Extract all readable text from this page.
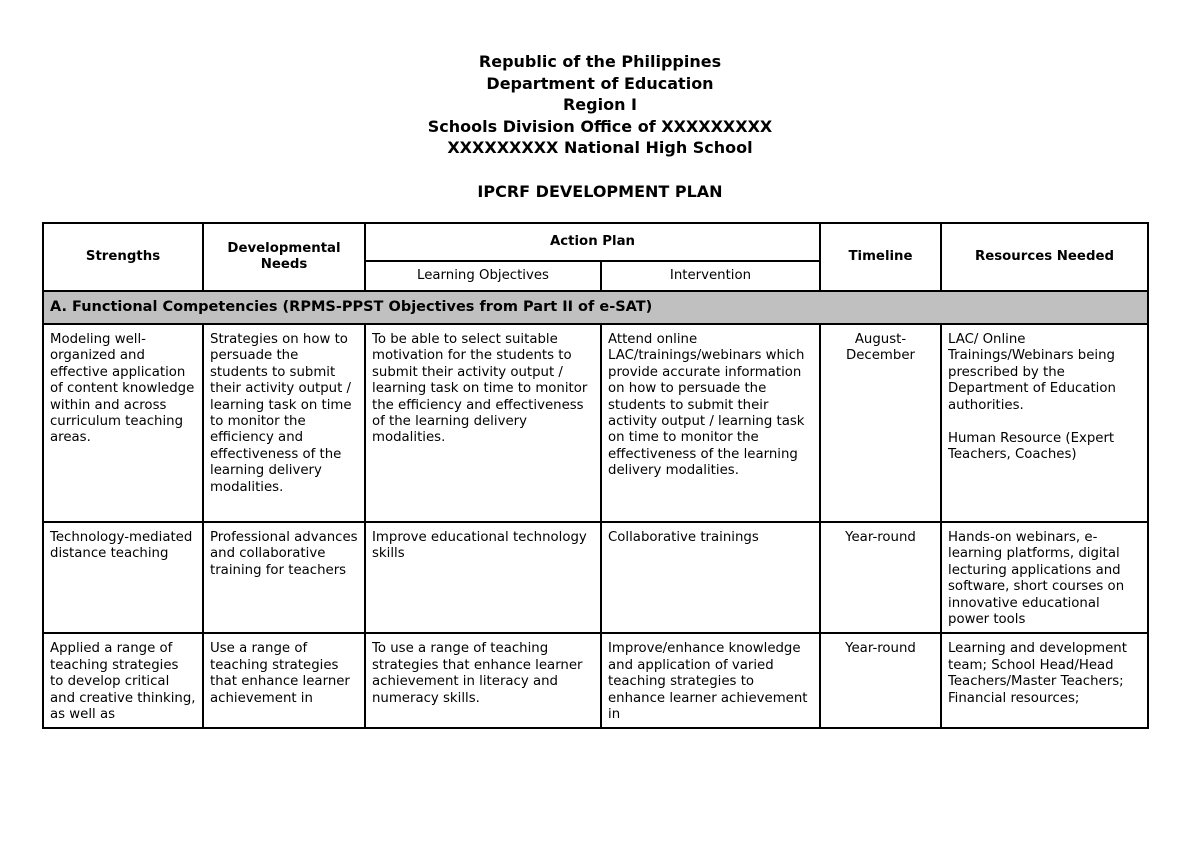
Republic of the Philippines
Department of Education
Region I
Schools Division Office of XXXXXXXXX
XXXXXXXXX National High School
IPCRF DEVELOPMENT PLAN
Strengths	Developmental Needs	Action Plan		Timeline	Resources Needed
		Learning Objectives	Intervention		
A. Functional Competencies (RPMS-PPST Objectives from Part II of e-SAT)					
Modeling well-organized and effective application of content knowledge within and across curriculum teaching areas.	Strategies on how to persuade the students to submit their activity output / learning task on time to monitor the efficiency and effectiveness of the learning delivery modalities.	To be able to select suitable motivation for the students to submit their activity output / learning task on time to monitor the efficiency and effectiveness of the learning delivery modalities.	Attend online LAC/trainings/webinars which provide accurate information on how to persuade the students to submit their activity output / learning task on time to monitor the effectiveness of the learning delivery modalities.	August-December	LAC/ Online Trainings/Webinars being prescribed by the Department of Education authorities.
Human Resource (Expert Teachers, Coaches)

Technology-mediated distance teaching	Professional advances and collaborative training for teachers	Improve educational technology skills	Collaborative trainings	Year-round	Hands-on webinars, e-learning platforms, digital lecturing applications and software, short courses on innovative educational power tools
Applied a range of teaching strategies to develop critical and creative thinking, as well as	Use a range of teaching strategies that enhance learner achievement in	To use a range of teaching strategies that enhance learner achievement in literacy and numeracy skills.	Improve/enhance knowledge and application of varied teaching strategies to enhance learner achievement in	Year-round	Learning and development team; School Head/Head Teachers/Master Teachers; Financial resources;
